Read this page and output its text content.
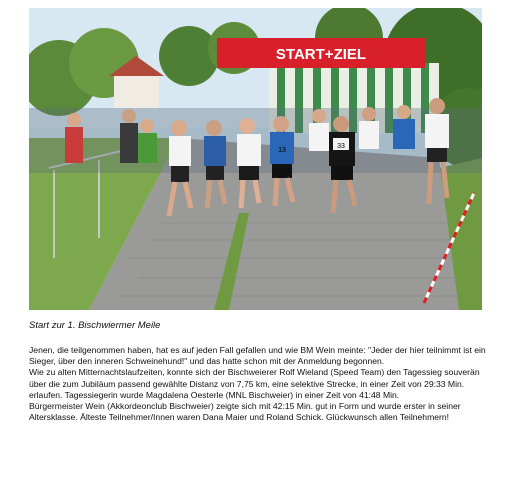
START+ZIEL
13
33
Start zur 1. Bischwiermer Meile

Jenen, die teilgenommen haben, hat es auf jeden Fall gefallen und wie BM Wein meinte: "Jeder der hier teilnimmt ist ein Sieger, über den inneren Schweinehund!" und das hatte schon mit der Anmeldung begonnen.

Wie zu alten Mitternachtslaufzeiten, konnte sich der Bischweierer Rolf Wieland (Speed Team) den Tagessieg souverän über die zum Jubiläum passend gewählte Distanz von 7,75 km, eine selektive Strecke, in einer Zeit von 29:33 Min. erlaufen. Tagessiegerin wurde Magdalena Oesterle (MNL Bischweier) in einer Zeit von 41:48 Min.

Bürgermeister Wein (Akkordeonclub Bischweier) zeigte sich mit 42:15 Min. gut in Form und wurde erster in seiner Altersklasse. Älteste Teilnehmer/Innen waren Dana Maier und Roland Schick. Glückwunsch allen Teilnehmern!
